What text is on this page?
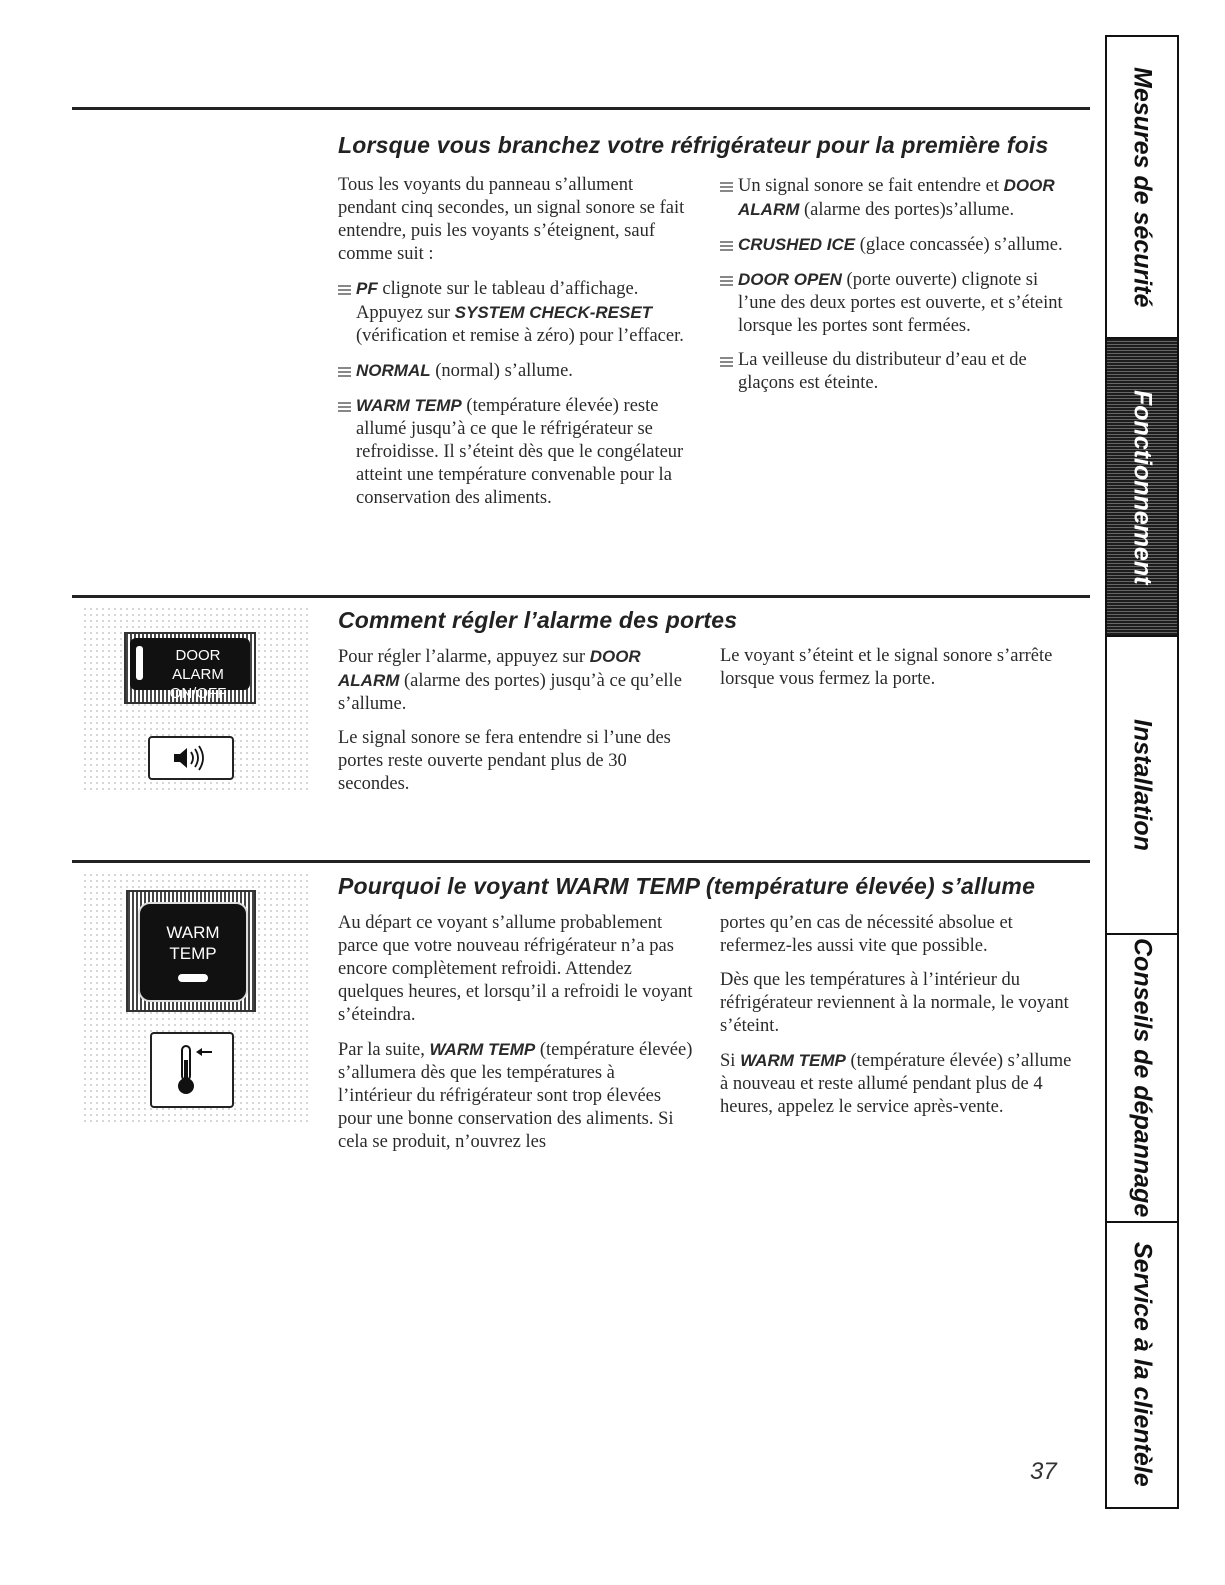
Lorsque vous branchez votre réfrigérateur pour la première fois

Tous les voyants du panneau s’allument pendant cinq secondes, un signal sonore se fait entendre, puis les voyants s’éteignent, sauf comme suit :

PF clignote sur le tableau d’affichage. Appuyez sur SYSTEM CHECK-RESET (vérification et remise à zéro) pour l’effacer.

NORMAL (normal) s’allume.

WARM TEMP (température élevée) reste allumé jusqu’à ce que le réfrigérateur se refroidisse. Il s’éteint dès que le congélateur atteint une température convenable pour la conservation des aliments.

Un signal sonore se fait entendre et DOOR ALARM (alarme des portes)s’allume.

CRUSHED ICE (glace concassée) s’allume.

DOOR OPEN (porte ouverte) clignote si l’une des deux portes est ouverte, et s’éteint lorsque les portes sont fermées.

La veilleuse du distributeur d’eau et de glaçons est éteinte.

DOOR ALARM
ON/OFF
Comment régler l’alarme des portes

Pour régler l’alarme, appuyez sur DOOR ALARM (alarme des portes) jusqu’à ce qu’elle s’allume.

Le signal sonore se fera entendre si l’une des portes reste ouverte pendant plus de 30 secondes.

Le voyant s’éteint et le signal sonore s’arrête lorsque vous fermez la porte.

WARM
TEMP
Pourquoi le voyant WARM TEMP (température élevée) s’allume

Au départ ce voyant s’allume probablement parce que votre nouveau réfrigérateur n’a pas encore complètement refroidi. Attendez quelques heures, et lorsqu’il a refroidi le voyant s’éteindra.

Par la suite, WARM TEMP (température élevée) s’allumera dès que les températures à l’intérieur du réfrigérateur sont trop élevées pour une bonne conservation des aliments. Si cela se produit, n’ouvrez les

portes qu’en cas de nécessité absolue et refermez-les aussi vite que possible.

Dès que les températures à l’intérieur du réfrigérateur reviennent à la normale, le voyant s’éteint.

Si WARM TEMP (température élevée) s’allume à nouveau et reste allumé pendant plus de 4 heures, appelez le service après-vente.

Mesures de sécurité
Fonctionnement
Installation
Conseils de dépannage
Service à la clientèle
37
